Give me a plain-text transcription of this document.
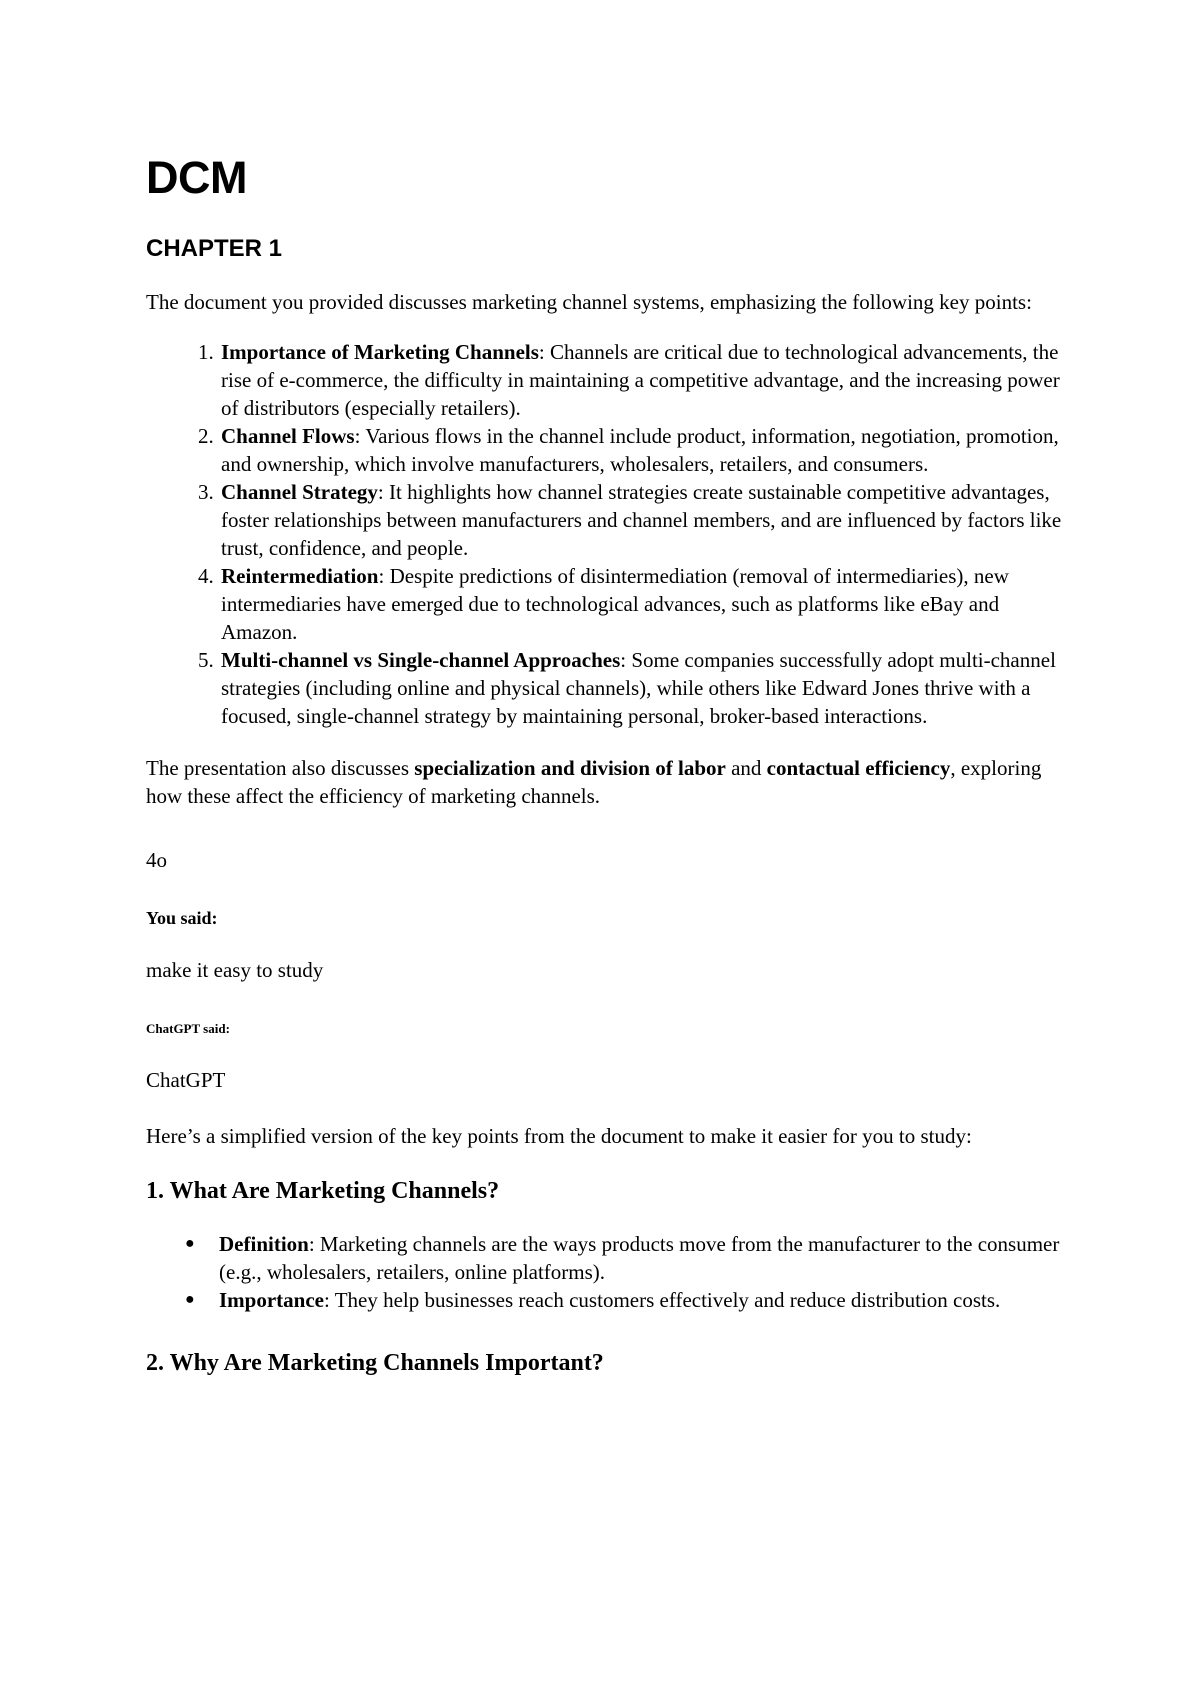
DCM
CHAPTER 1

The document you provided discusses marketing channel systems, emphasizing the following key points:

1. Importance of Marketing Channels: Channels are critical due to technological advancements, the rise of e-commerce, the difficulty in maintaining a competitive advantage, and the increasing power of distributors (especially retailers).
2. Channel Flows: Various flows in the channel include product, information, negotiation, promotion, and ownership, which involve manufacturers, wholesalers, retailers, and consumers.
3. Channel Strategy: It highlights how channel strategies create sustainable competitive advantages, foster relationships between manufacturers and channel members, and are influenced by factors like trust, confidence, and people.
4. Reintermediation: Despite predictions of disintermediation (removal of intermediaries), new intermediaries have emerged due to technological advances, such as platforms like eBay and Amazon.
5. Multi-channel vs Single-channel Approaches: Some companies successfully adopt multi-channel strategies (including online and physical channels), while others like Edward Jones thrive with a focused, single-channel strategy by maintaining personal, broker-based interactions.

The presentation also discusses specialization and division of labor and contactual efficiency, exploring how these affect the efficiency of marketing channels.

4o

You said:

make it easy to study

ChatGPT said:

ChatGPT

Here’s a simplified version of the key points from the document to make it easier for you to study:

1. What Are Marketing Channels?
● Definition: Marketing channels are the ways products move from the manufacturer to the consumer (e.g., wholesalers, retailers, online platforms).
● Importance: They help businesses reach customers effectively and reduce distribution costs.
2. Why Are Marketing Channels Important?
